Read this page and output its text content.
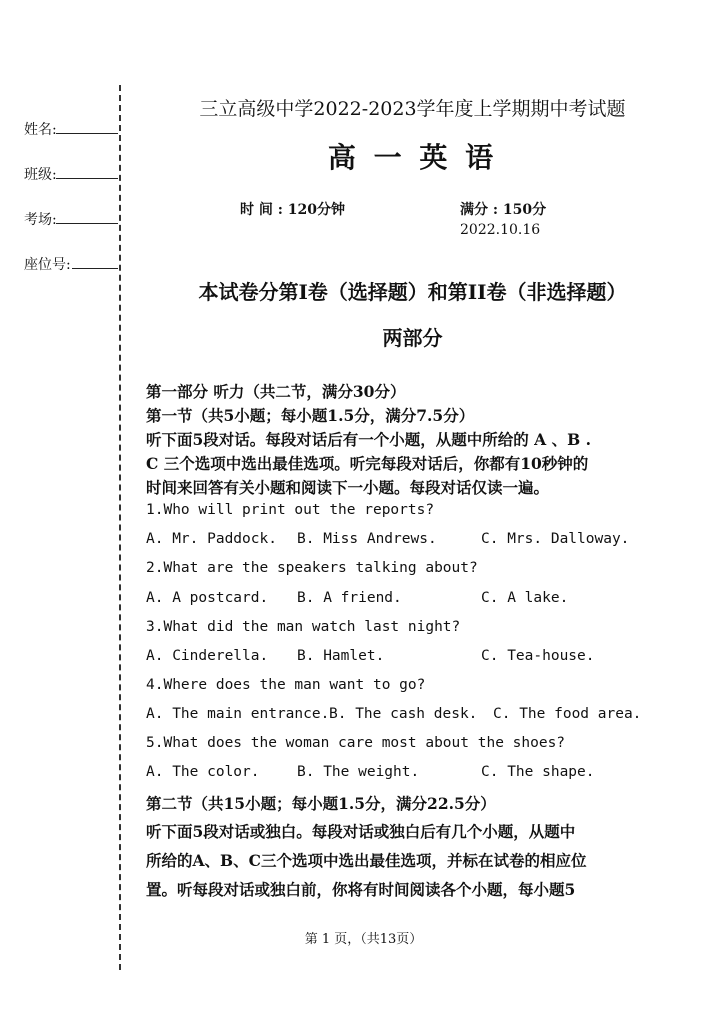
姓名:
班级:
考场:
座位号:
三立高级中学2022-2023学年度上学期期中考试题
高 一 英 语
时 间 : 120分钟	满分 : 150分
2022.10.16
本试卷分第I卷（选择题）和第II卷（非选择题）
两部分
第一部分 听力（共二节，满分30分）
第一节（共5小题；每小题1.5分，满分7.5分）
听下面5段对话。每段对话后有一个小题，从题中所给的 A 、B .
C 三个选项中选出最佳选项。听完每段对话后，你都有10秒钟的
时间来回答有关小题和阅读下一小题。每段对话仅读一遍。
1.Who will print out the reports?
A. Mr. Paddock. B. Miss Andrews.	C. Mrs. Dalloway.
2.What are the speakers talking about?
A. A postcard. B. A friend.	C. A lake.
3.What did the man watch last night?
A. Cinderella. B. Hamlet.	C. Tea-house.
4.Where does the man want to go?
A. The main entrance. B. The cash desk. C. The food area.
5.What does the woman care most about the shoes?
A. The color.	B. The weight.	C. The shape.
第二节（共15小题；每小题1.5分，满分22.5分）
听下面5段对话或独白。每段对话或独白后有几个小题，从题中
所给的A、B、C三个选项中选出最佳选项，并标在试卷的相应位
置。听每段对话或独白前，你将有时间阅读各个小题，每小题5
第 1 页，（共13页）
